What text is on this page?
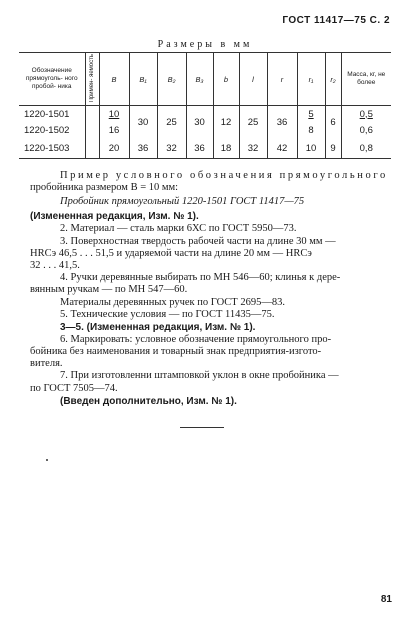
ГОСТ 11417—75 С. 2
Размеры в мм
Обозначение прямоуголь- ного пробой- ника	Примен- яемость	B	B₁	B₂	B₃	b	l	r	r₁	r₂	Масса, кг, не более
1220-1501		10	30	25	30	12	25	36	5	6	0,5
1220-1502		16							8		0,6
1220-1503		20	36	32	36	18	32	42	10	9	0,8

Пример условного обозначения прямоугольного

пробойника размером B = 10 мм:

Пробойник прямоугольный 1220-1501 ГОСТ 11417—75

(Измененная редакция, Изм. № 1).

2. Материал — сталь марки 6ХС по ГОСТ 5950—73.

3. Поверхностная твердость рабочей части на длине 30 мм —

HRCэ 46,5 . . . 51,5 и ударяемой части на длине 20 мм — HRCэ

32 . . . 41,5.

4. Ручки деревянные выбирать по МН 546—60; клинья к дере-

вянным ручкам — по МН 547—60.

Материалы деревянных ручек по ГОСТ 2695—83.

5. Технические условия — по ГОСТ 11435—75.

3—5. (Измененная редакция, Изм. № 1).

6. Маркировать: условное обозначение прямоугольного про-

бойника без наименования и товарный знак предприятия-изгото-

вителя.

7. При изготовленни штамповкой уклон в окне пробойника —

по ГОСТ 7505—74.

(Введен дополнительно, Изм. № 1).

81
